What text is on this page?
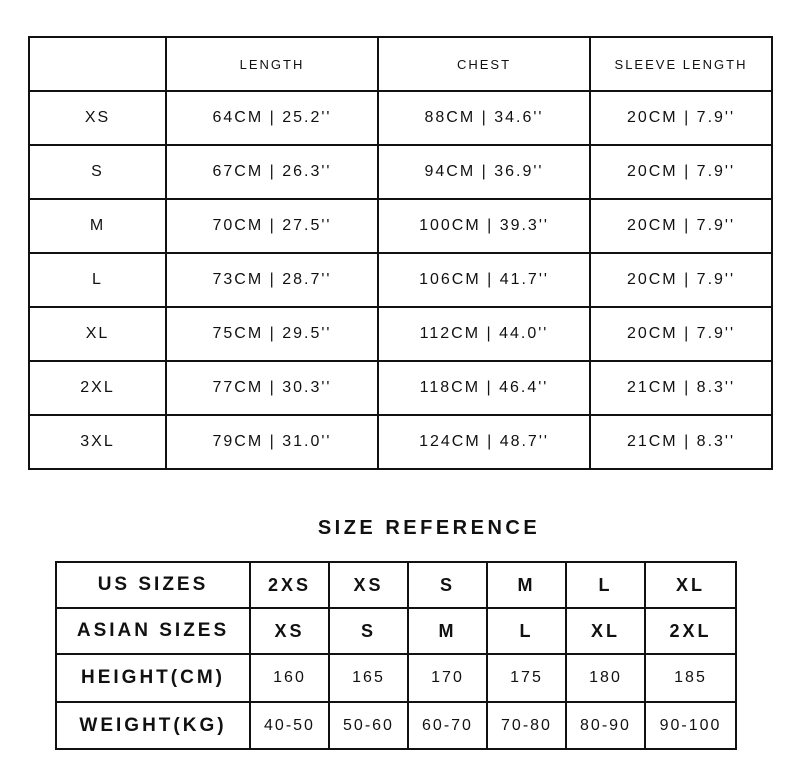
	LENGTH	CHEST	SLEEVE LENGTH
XS	64CM | 25.2''	88CM | 34.6''	20CM | 7.9''
S	67CM | 26.3''	94CM | 36.9''	20CM | 7.9''
M	70CM | 27.5''	100CM | 39.3''	20CM | 7.9''
L	73CM | 28.7''	106CM | 41.7''	20CM | 7.9''
XL	75CM | 29.5''	112CM | 44.0''	20CM | 7.9''
2XL	77CM | 30.3''	118CM | 46.4''	21CM | 8.3''
3XL	79CM | 31.0''	124CM | 48.7''	21CM | 8.3''
SIZE REFERENCE
US SIZES	2XS	XS	S	M	L	XL
ASIAN SIZES	XS	S	M	L	XL	2XL
HEIGHT(CM)	160	165	170	175	180	185
WEIGHT(KG)	40-50	50-60	60-70	70-80	80-90	90-100
